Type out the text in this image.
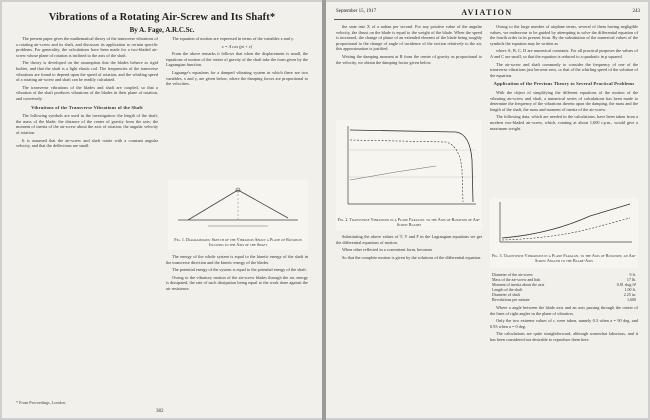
Vibrations of a Rotating Air-Screw and Its Shaft*
By A. Fage, A.R.C.Sc.

The present paper gives the mathematical theory of the transverse vibrations of a rotating air-screw and its shaft, and discusses its application to certain specific problems. For generality, the calculations have been made for a two-bladed air-screw whose plane of rotation is inclined to the axis of the shaft.

The theory is developed on the assumption that the blades behave as rigid bodies, and that the shaft is a light elastic rod. The frequencies of the transverse vibrations are found to depend upon the speed of rotation, and the whirling speed of a rotating air-screw and shaft can be readily calculated.

The transverse vibrations of the blades and shaft are coupled, so that a vibration of the shaft produces vibrations of the blades in their plane of rotation, and conversely.

Vibrations of the Transverse Vibrations of the Shaft

The following symbols are used in the investigation: the length of the shaft; the mass of the blade; the distance of the center of gravity from the axis; the moment of inertia of the air-screw about the axis of rotation; the angular velocity of rotation.

It is assumed that the air-screw and shaft rotate with a constant angular velocity, and that the deflections are small.

The equation of motion are expressed in terms of the variables x and y.

x = A cos (pt + e)

From the above remarks it follows that when the displacement is small, the equations of motion of the center of gravity of the shaft take the form given by the Lagrangian function.

Lagrange's equations for a damped vibrating system in which there are two variables, x and y, are given below, where the damping forces are proportional to the velocities.

Fig. 1. Diagrammatic Sketch of the Vibration About a Plane of Rotation Inclined to the Axis of the Shaft

The energy of the whole system is equal to the kinetic energy of the shaft in the transverse direction and the kinetic energy of the blades.

The potential energy of the system is equal to the potential energy of the shaft.

Owing to the vibratory motion of the air-screw blades through the air, energy is dissipated, the rate of such dissipation being equal to the work done against the air resistance.

* From Proceedings, London.
382
September 15, 1917	AVIATION	243

the state into X of a radian per second. For any positive value of the angular velocity, the thrust on the blade is equal to the weight of the blade. When the speed is increased, the change of phase of an extended element of the blade being roughly proportional to the change of angle of incidence of the section relatively to the air, this approximation is justified.

Writing the damping moment at R from the center of gravity as proportional to the velocity, we obtain the damping factor given below.

Fig. 2. Transverse Vibrations in a Plane Parallel to the Axis of Rotation of Air-Screw Blades

Substituting the above values of T, V and F in the Lagrangian equations we get the differential equations of motion.

When other reflected in a convenient form, becomes

So that the complete motion is given by the solutions of the differential equation.

Owing to the large number of airplane terms, several of them having negligible values, we endeavour to be guided by attempting to solve the differential equation of the fourth order in its present form. By the substitution of the numerical values of the symbols the equation may be written as

where A, B, C, D are numerical constants. For all practical purposes the values of A and C are small, so that the equation is reduced to a quadratic in p squared.

The air-screw and shaft commonly to consider the frequency of one of the transverse vibrations just become zero, or that of the whirling speed of the solution of the equation.

Application of the Previous Theory to Several Practical Problems

With the object of simplifying the different equations of the motion of the vibrating air-screw and shaft, a numerical series of calculations has been made to determine the frequency of the vibrations therein upon the damping, the mass and the length of the shaft, the mass and moment of inertia of the air-screw.

The following data, which are needed in the calculations, have been taken from a modern two-bladed air-screw, which, rotating at about 1,600 r.p.m., would give a maximum weight.

Fig. 3. Transverse Vibrations in a Plane Parallel to the Axis of Rotation; an Air-Screw Angled to the Blade-Axis
Diameter of the air-screw	9 ft.
Mass of the air-screw and hub	17 lb.
Moment of inertia about the axis	0.81 slug ft²
Length of the shaft	1.00 ft.
Diameter of shaft	2.25 in.
Revolutions per minute	1,600

Where a angle between the blade axis and an axis passing through the center of the lines of right angles in the plane of vibration.

Only the two extreme values of r, were taken, namely 0.3 when a = 90 deg. and 0.93 when a = 0 deg.

The calculations are quite straightforward, although somewhat laborious, and it has been considered not desirable to reproduce them here.
